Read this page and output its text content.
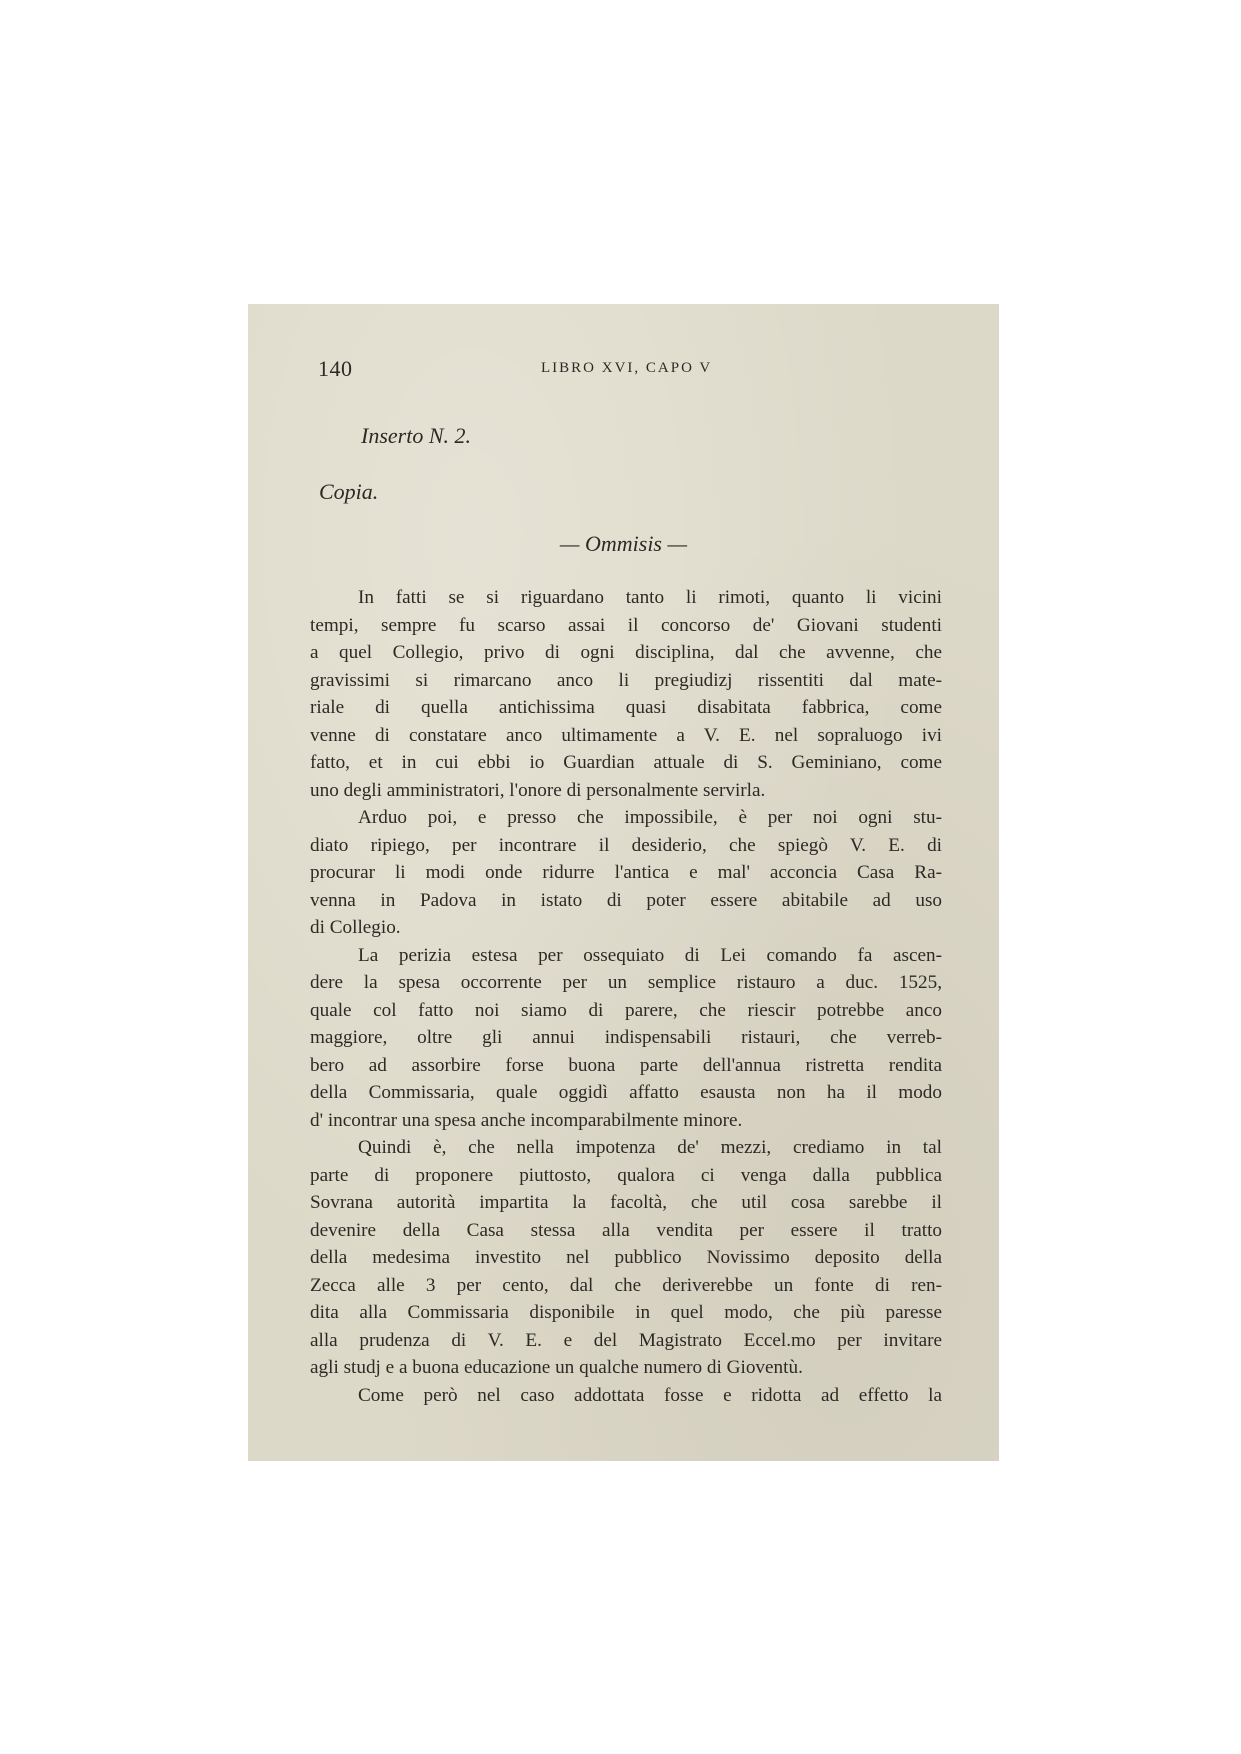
140	LIBRO XVI, CAPO V
Inserto N. 2.
Copia.
— Ommisis —
In fatti se si riguardano tanto li rimoti, quanto li vicini
tempi, sempre fu scarso assai il concorso de' Giovani studenti
a quel Collegio, privo di ogni disciplina, dal che avvenne, che
gravissimi si rimarcano anco li pregiudizj rissentiti dal mate-
riale di quella antichissima quasi disabitata fabbrica, come
venne di constatare anco ultimamente a V. E. nel sopraluogo ivi
fatto, et in cui ebbi io Guardian attuale di S. Geminiano, come
uno degli amministratori, l'onore di personalmente servirla.
Arduo poi, e presso che impossibile, è per noi ogni stu-
diato ripiego, per incontrare il desiderio, che spiegò V. E. di
procurar li modi onde ridurre l'antica e mal' acconcia Casa Ra-
venna in Padova in istato di poter essere abitabile ad uso
di Collegio.
La perizia estesa per ossequiato di Lei comando fa ascen-
dere la spesa occorrente per un semplice ristauro a duc. 1525,
quale col fatto noi siamo di parere, che riescir potrebbe anco
maggiore, oltre gli annui indispensabili ristauri, che verreb-
bero ad assorbire forse buona parte dell'annua ristretta rendita
della Commissaria, quale oggidì affatto esausta non ha il modo
d' incontrar una spesa anche incomparabilmente minore.
Quindi è, che nella impotenza de' mezzi, crediamo in tal
parte di proponere piuttosto, qualora ci venga dalla pubblica
Sovrana autorità impartita la facoltà, che util cosa sarebbe il
devenire della Casa stessa alla vendita per essere il tratto
della medesima investito nel pubblico Novissimo deposito della
Zecca alle 3 per cento, dal che deriverebbe un fonte di ren-
dita alla Commissaria disponibile in quel modo, che più paresse
alla prudenza di V. E. e del Magistrato Eccel.mo per invitare
agli studj e a buona educazione un qualche numero di Gioventù.
Come però nel caso addottata fosse e ridotta ad effetto la
